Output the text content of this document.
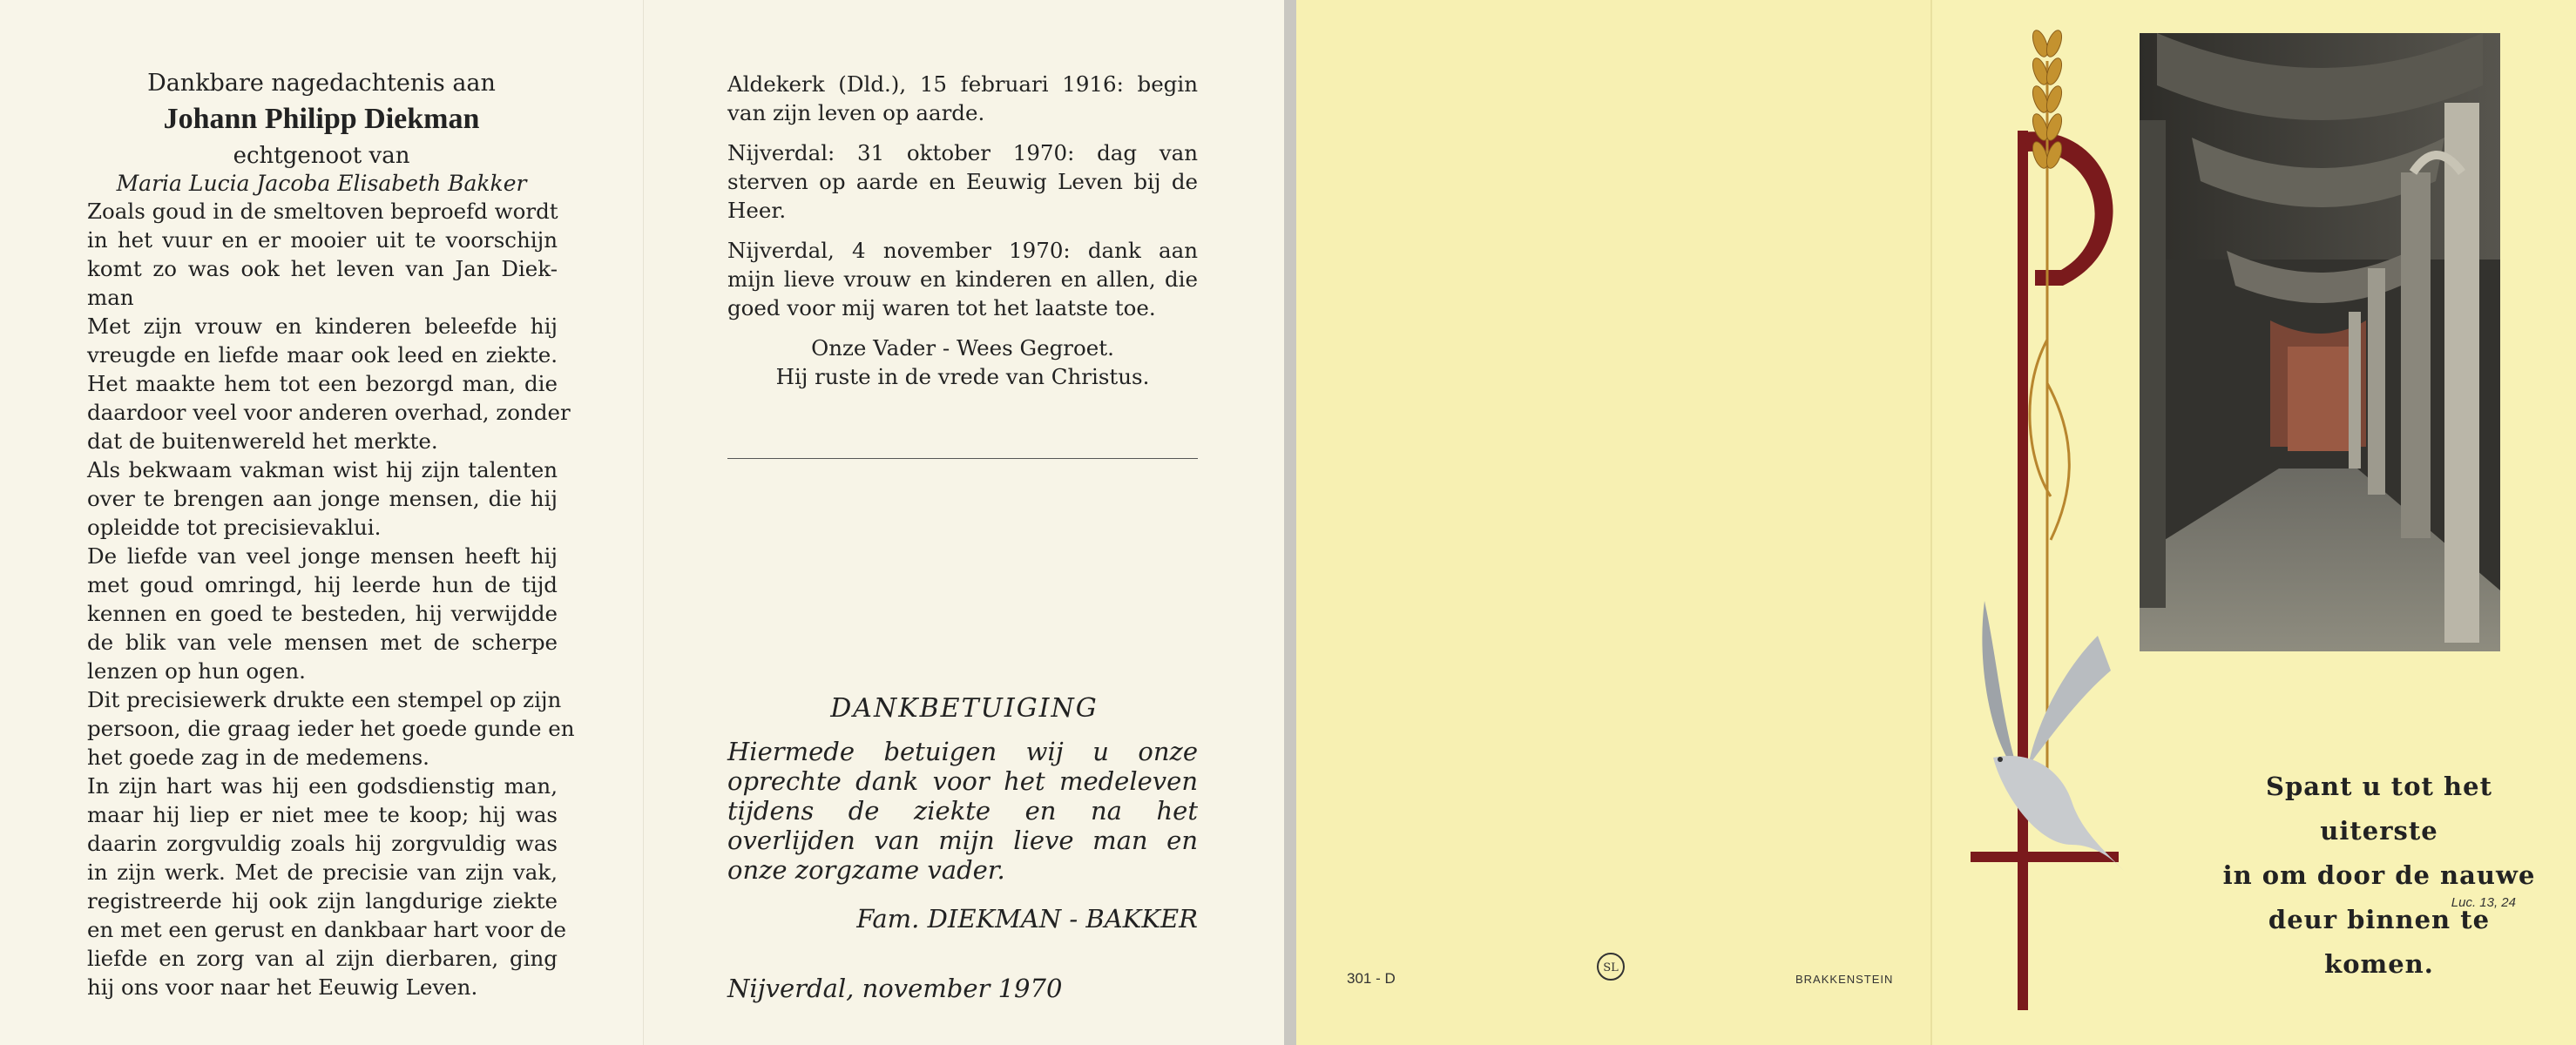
Dankbare nagedachtenis aan
Johann Philipp Diekman
echtgenoot van
Maria Lucia Jacoba Elisabeth Bakker
Zoals goud in de smeltoven beproefd wordt
in het vuur en er mooier uit te voorschijn
komt zo was ook het leven van Jan Diek-
man
Met zijn vrouw en kinderen beleefde hij
vreugde en liefde maar ook leed en ziekte.
Het maakte hem tot een bezorgd man, die
daardoor veel voor anderen overhad, zonder
dat de buitenwereld het merkte.
Als bekwaam vakman wist hij zijn talenten
over te brengen aan jonge mensen, die hij
opleidde tot precisievaklui.
De liefde van veel jonge mensen heeft hij
met goud omringd, hij leerde hun de tijd
kennen en goed te besteden, hij verwijdde
de blik van vele mensen met de scherpe
lenzen op hun ogen.
Dit precisiewerk drukte een stempel op zijn
persoon, die graag ieder het goede gunde en
het goede zag in de medemens.
In zijn hart was hij een godsdienstig man,
maar hij liep er niet mee te koop; hij was
daarin zorgvuldig zoals hij zorgvuldig was
in zijn werk. Met de precisie van zijn vak,
registreerde hij ook zijn langdurige ziekte
en met een gerust en dankbaar hart voor de
liefde en zorg van al zijn dierbaren, ging
hij ons voor naar het Eeuwig Leven.

Aldekerk (Dld.), 15 februari 1916: begin van zijn leven op aarde.

Nijverdal: 31 oktober 1970: dag van sterven op aarde en Eeuwig Leven bij de Heer.

Nijverdal, 4 november 1970: dank aan mijn lieve vrouw en kinderen en allen, die goed voor mij waren tot het laatste toe.

Onze Vader - Wees Gegroet.

Hij ruste in de vrede van Christus.

DANKBETUIGING
Hiermede betuigen wij u onze oprechte dank voor het medeleven tijdens de ziekte en na het overlijden van mijn lieve man en onze zorgzame vader.
Fam. DIEKMAN - BAKKER
Nijverdal, november 1970	301 - D
SL
BRAKKENSTEIN
Spant u tot het uiterste
in om door de nauwe
deur binnen te komen.
Luc. 13, 24
